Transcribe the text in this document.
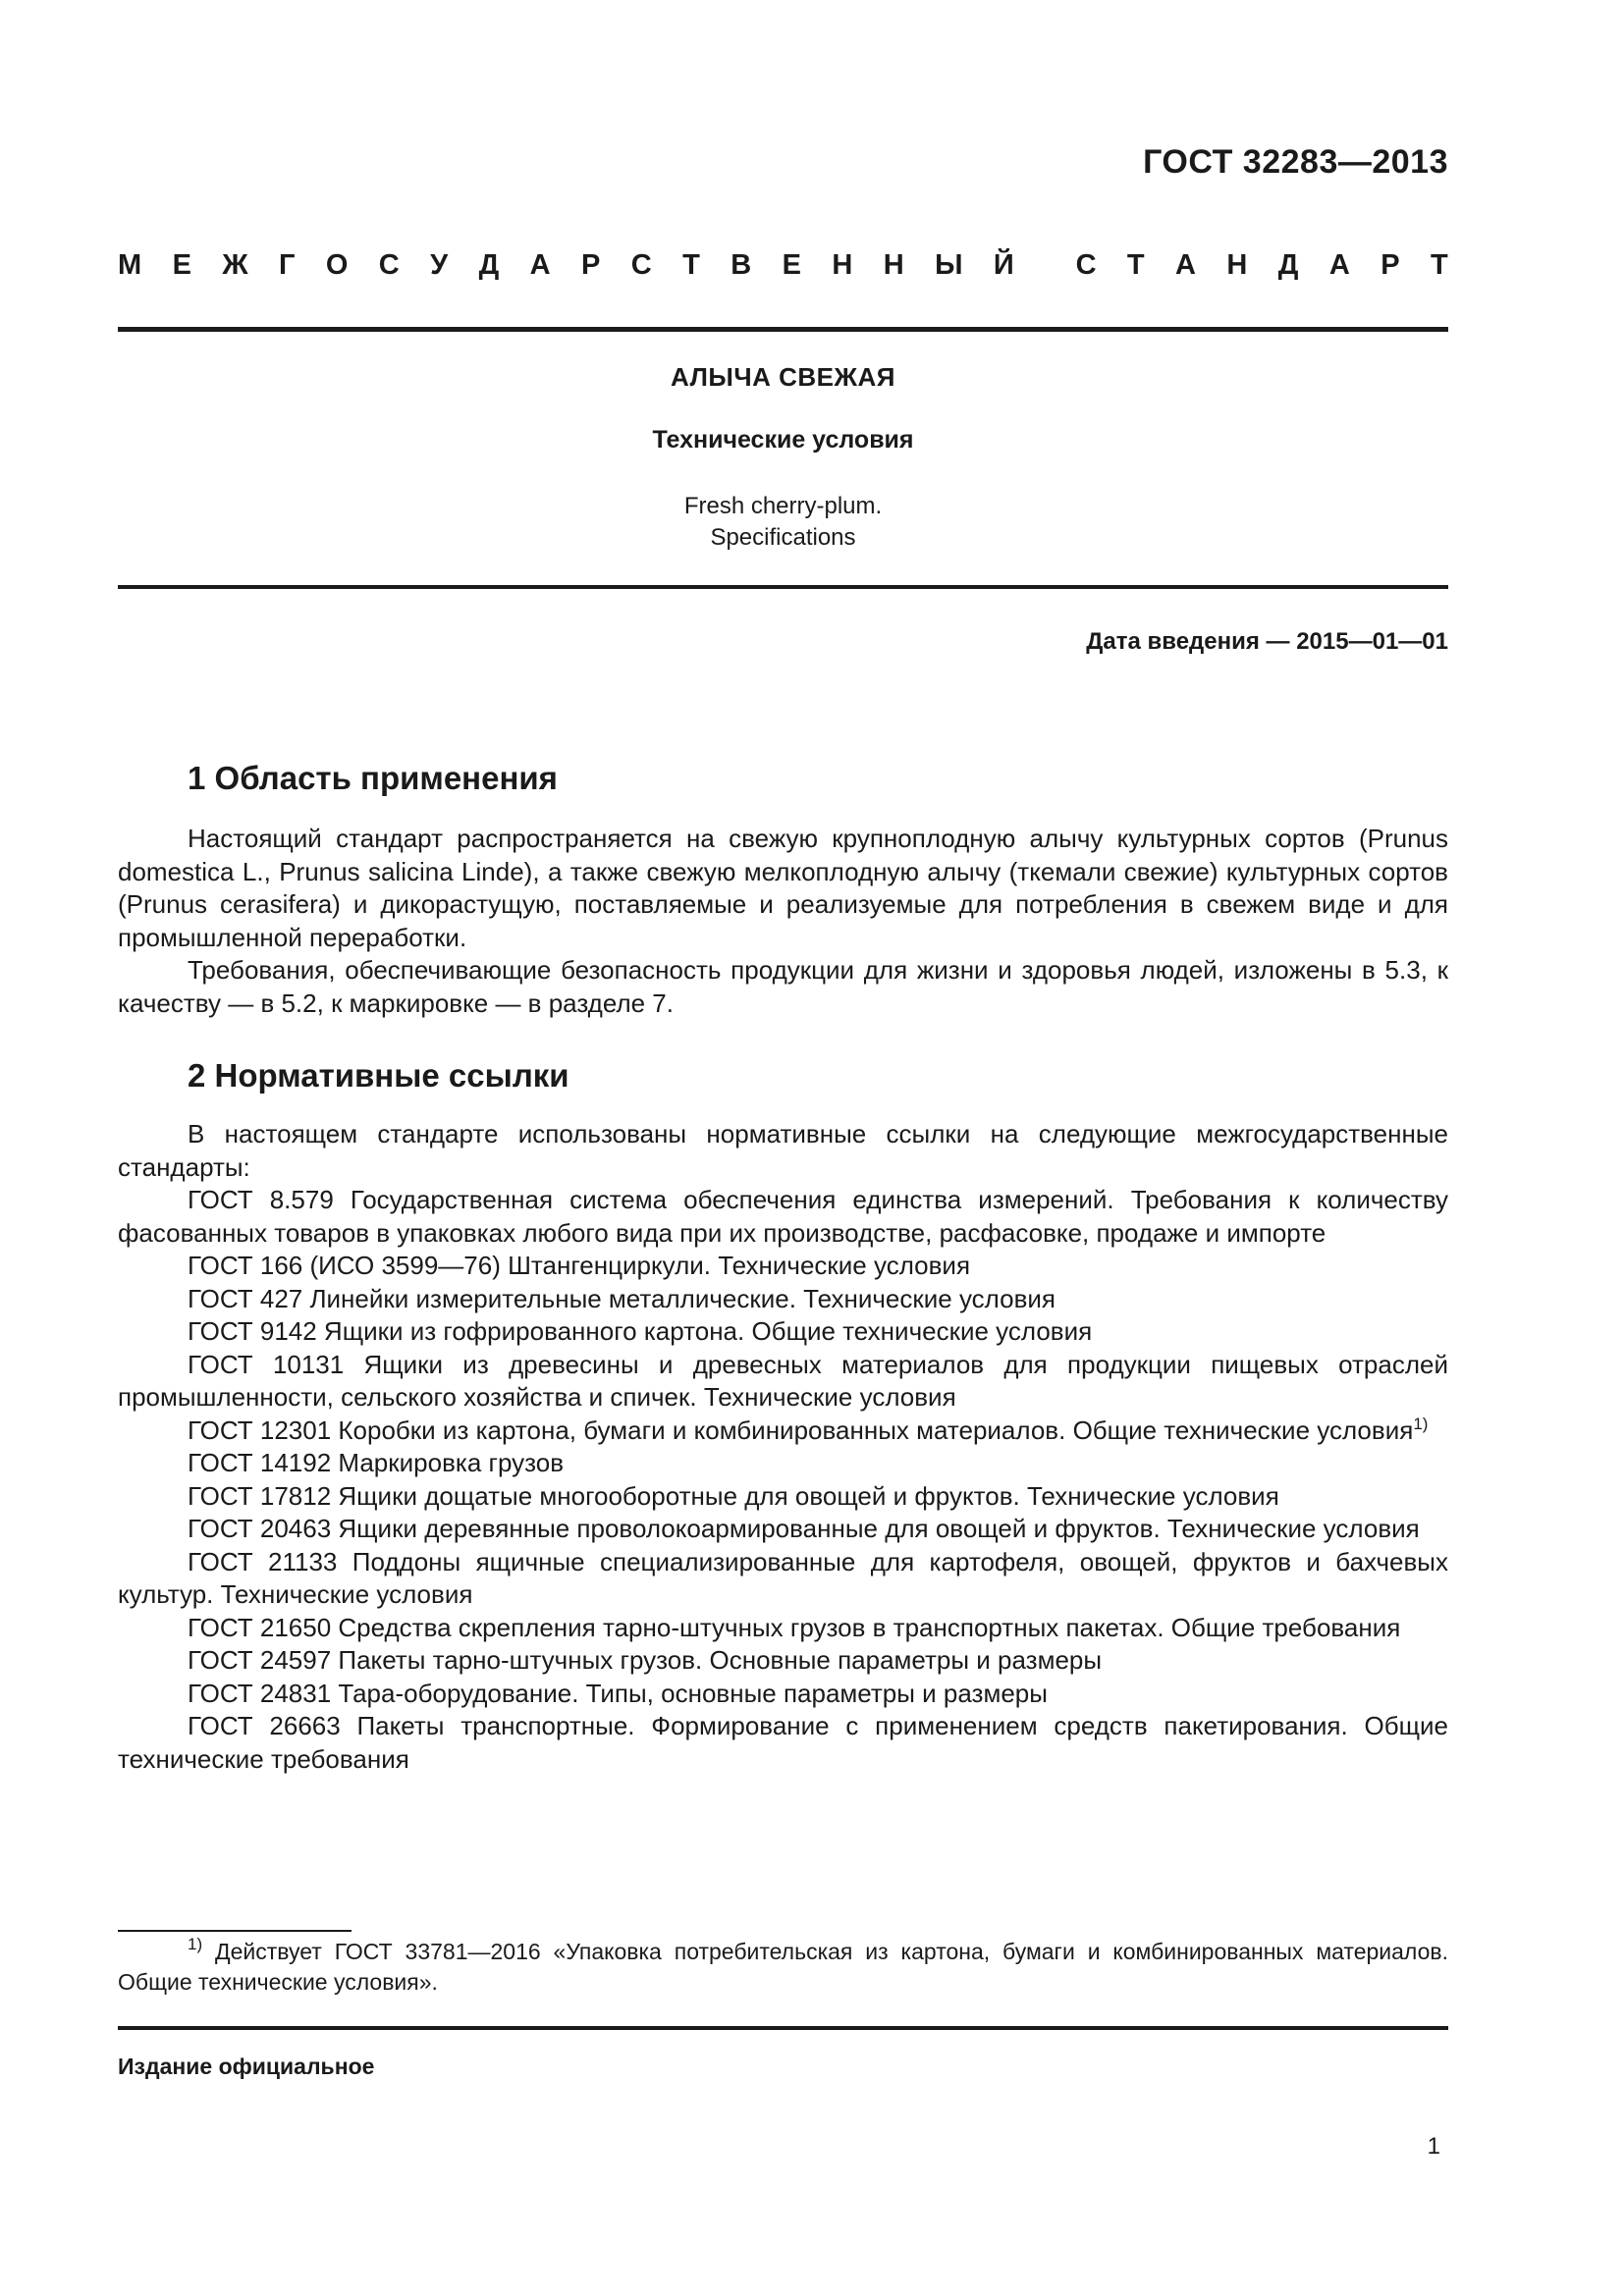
ГОСТ 32283—2013
М Е Ж Г О С У Д А Р С Т В Е Н Н Ы Й С Т А Н Д А Р Т
АЛЫЧА СВЕЖАЯ
Технические условия
Fresh cherry-plum.
Specifications
Дата введения — 2015—01—01
1 Область применения

Настоящий стандарт распространяется на свежую крупноплодную алычу культурных сортов (Prunus domestica L., Prunus salicina Linde), а также свежую мелкоплодную алычу (ткемали свежие) культурных сортов (Prunus cerasifera) и дикорастущую, поставляемые и реализуемые для потребления в свежем виде и для промышленной переработки.

Требования, обеспечивающие безопасность продукции для жизни и здоровья людей, изложены в 5.3, к качеству — в 5.2, к маркировке — в разделе 7.

2 Нормативные ссылки

В настоящем стандарте использованы нормативные ссылки на следующие межгосударственные стандарты:

ГОСТ 8.579 Государственная система обеспечения единства измерений. Требования к количеству фасованных товаров в упаковках любого вида при их производстве, расфасовке, продаже и импорте

ГОСТ 166 (ИСО 3599—76) Штангенциркули. Технические условия

ГОСТ 427 Линейки измерительные металлические. Технические условия

ГОСТ 9142 Ящики из гофрированного картона. Общие технические условия

ГОСТ 10131 Ящики из древесины и древесных материалов для продукции пищевых отраслей промышленности, сельского хозяйства и спичек. Технические условия

ГОСТ 12301 Коробки из картона, бумаги и комбинированных материалов. Общие технические условия$^{1)}$

ГОСТ 14192 Маркировка грузов

ГОСТ 17812 Ящики дощатые многооборотные для овощей и фруктов. Технические условия

ГОСТ 20463 Ящики деревянные проволокоармированные для овощей и фруктов. Технические условия

ГОСТ 21133 Поддоны ящичные специализированные для картофеля, овощей, фруктов и бахчевых культур. Технические условия

ГОСТ 21650 Средства скрепления тарно-штучных грузов в транспортных пакетах. Общие требования

ГОСТ 24597 Пакеты тарно-штучных грузов. Основные параметры и размеры

ГОСТ 24831 Тара-оборудование. Типы, основные параметры и размеры

ГОСТ 26663 Пакеты транспортные. Формирование с применением средств пакетирования. Общие технические требования

$^{1)}$ Действует ГОСТ 33781—2016 «Упаковка потребительская из картона, бумаги и комбинированных материалов. Общие технические условия».
Издание официальное
1
